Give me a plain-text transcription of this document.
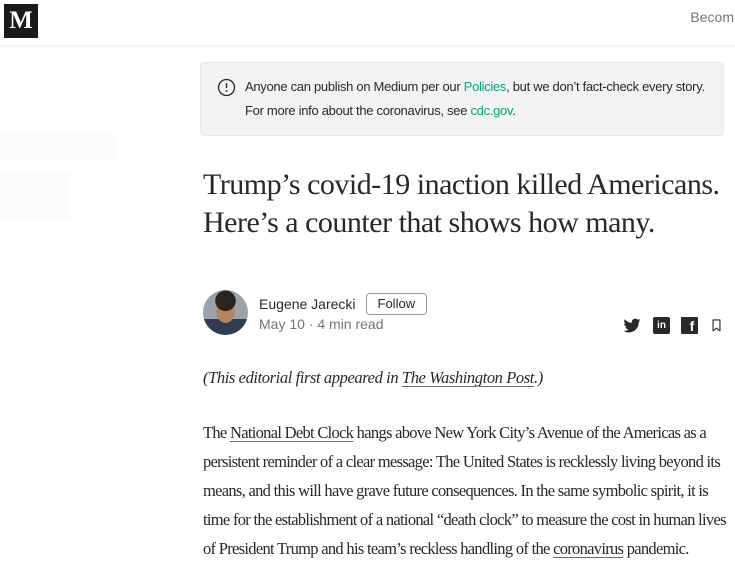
M	Becom

Anyone can publish on Medium per our Policies, but we don’t fact-check every story. For more info about the coronavirus, see cdc.gov.

Trump’s covid-19 inaction killed Americans. Here’s a counter that shows how many.
Eugene Jarecki	Follow
May 10 · 4 min read	in	f

(This editorial first appeared in The Washington Post.)

The National Debt Clock hangs above New York City’s Avenue of the Americas as a persistent reminder of a clear message: The United States is recklessly living beyond its means, and this will have grave future consequences. In the same symbolic spirit, it is time for the establishment of a national “death clock” to measure the cost in human lives of President Trump and his team’s reckless handling of the coronavirus pandemic.
